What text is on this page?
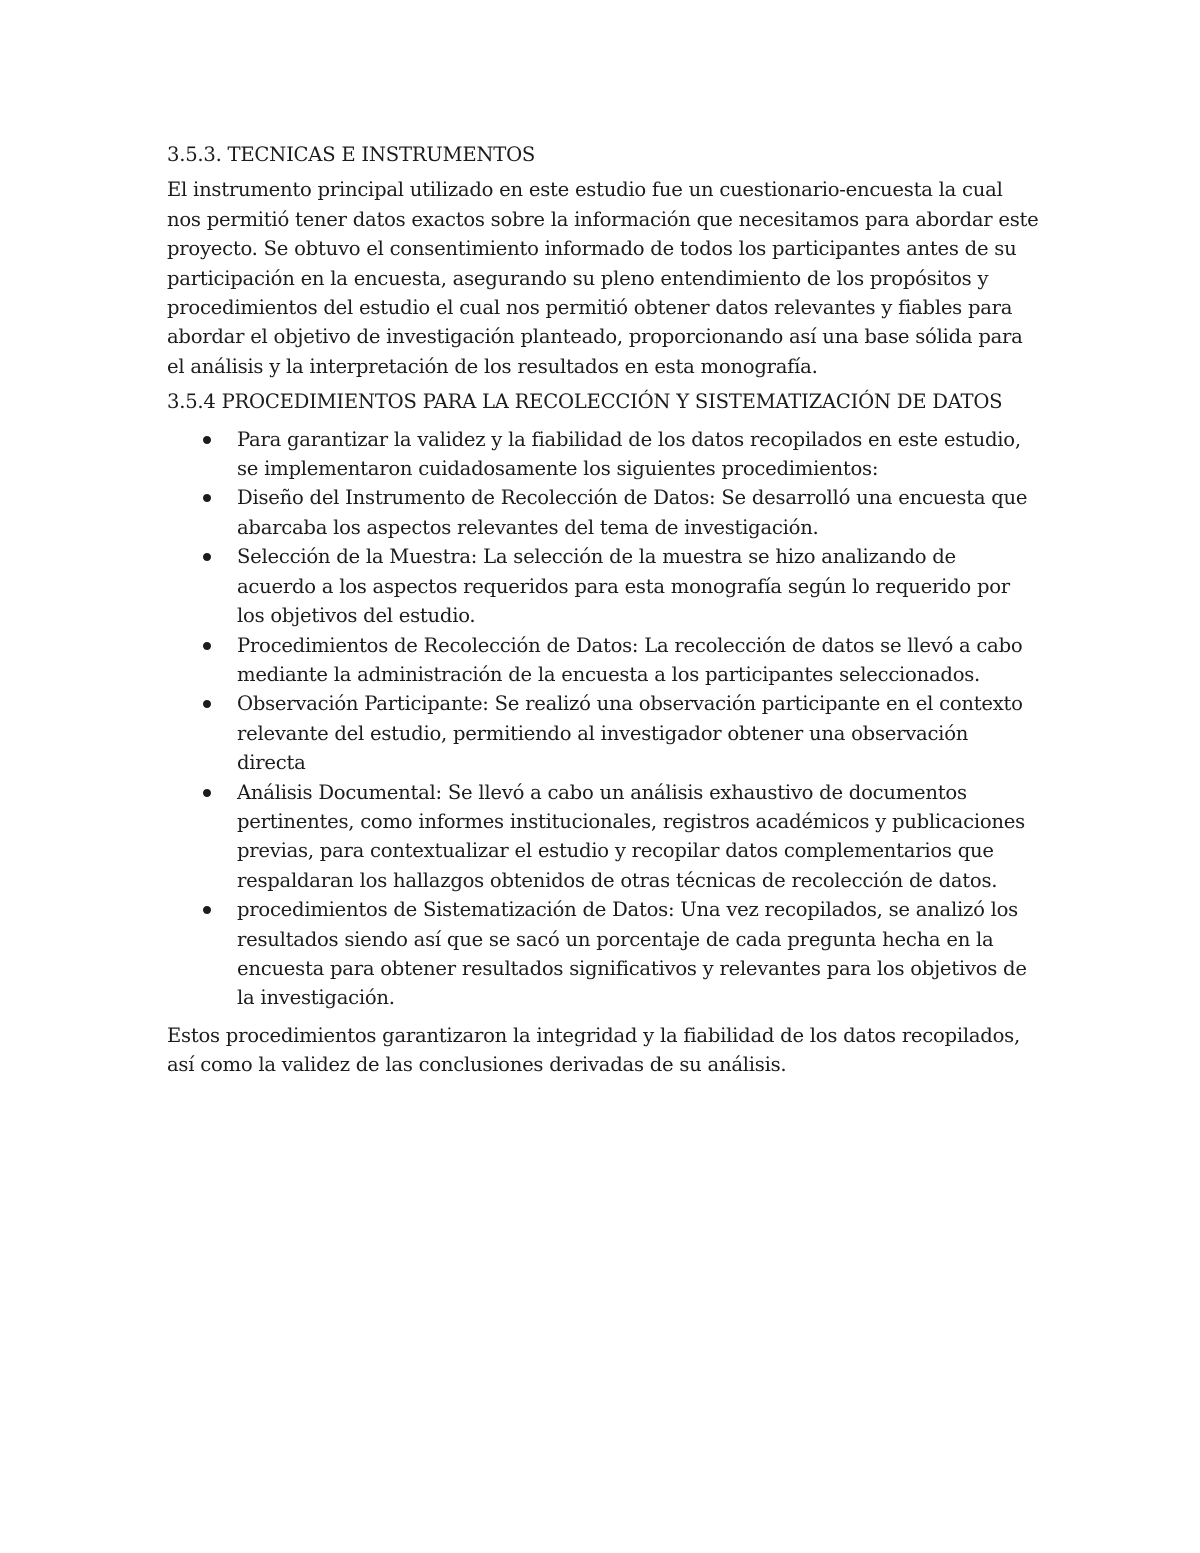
3.5.3. TECNICAS E INSTRUMENTOS

El instrumento principal utilizado en este estudio fue un cuestionario-encuesta la cual nos permitió tener datos exactos sobre la información que necesitamos para abordar este proyecto. Se obtuvo el consentimiento informado de todos los participantes antes de su participación en la encuesta, asegurando su pleno entendimiento de los propósitos y procedimientos del estudio el cual nos permitió obtener datos relevantes y fiables para abordar el objetivo de investigación planteado, proporcionando así una base sólida para el análisis y la interpretación de los resultados en esta monografía.

3.5.4 PROCEDIMIENTOS PARA LA RECOLECCIÓN Y SISTEMATIZACIÓN DE DATOS

Para garantizar la validez y la fiabilidad de los datos recopilados en este estudio, se implementaron cuidadosamente los siguientes procedimientos:
Diseño del Instrumento de Recolección de Datos: Se desarrolló una encuesta que abarcaba los aspectos relevantes del tema de investigación.
Selección de la Muestra: La selección de la muestra se hizo analizando de acuerdo a los aspectos requeridos para esta monografía según lo requerido por los objetivos del estudio.
Procedimientos de Recolección de Datos: La recolección de datos se llevó a cabo mediante la administración de la encuesta a los participantes seleccionados.
Observación Participante: Se realizó una observación participante en el contexto relevante del estudio, permitiendo al investigador obtener una observación directa
Análisis Documental: Se llevó a cabo un análisis exhaustivo de documentos pertinentes, como informes institucionales, registros académicos y publicaciones previas, para contextualizar el estudio y recopilar datos complementarios que respaldaran los hallazgos obtenidos de otras técnicas de recolección de datos.
procedimientos de Sistematización de Datos: Una vez recopilados, se analizó los resultados siendo así que se sacó un porcentaje de cada pregunta hecha en la encuesta para obtener resultados significativos y relevantes para los objetivos de la investigación.

Estos procedimientos garantizaron la integridad y la fiabilidad de los datos recopilados, así como la validez de las conclusiones derivadas de su análisis.
